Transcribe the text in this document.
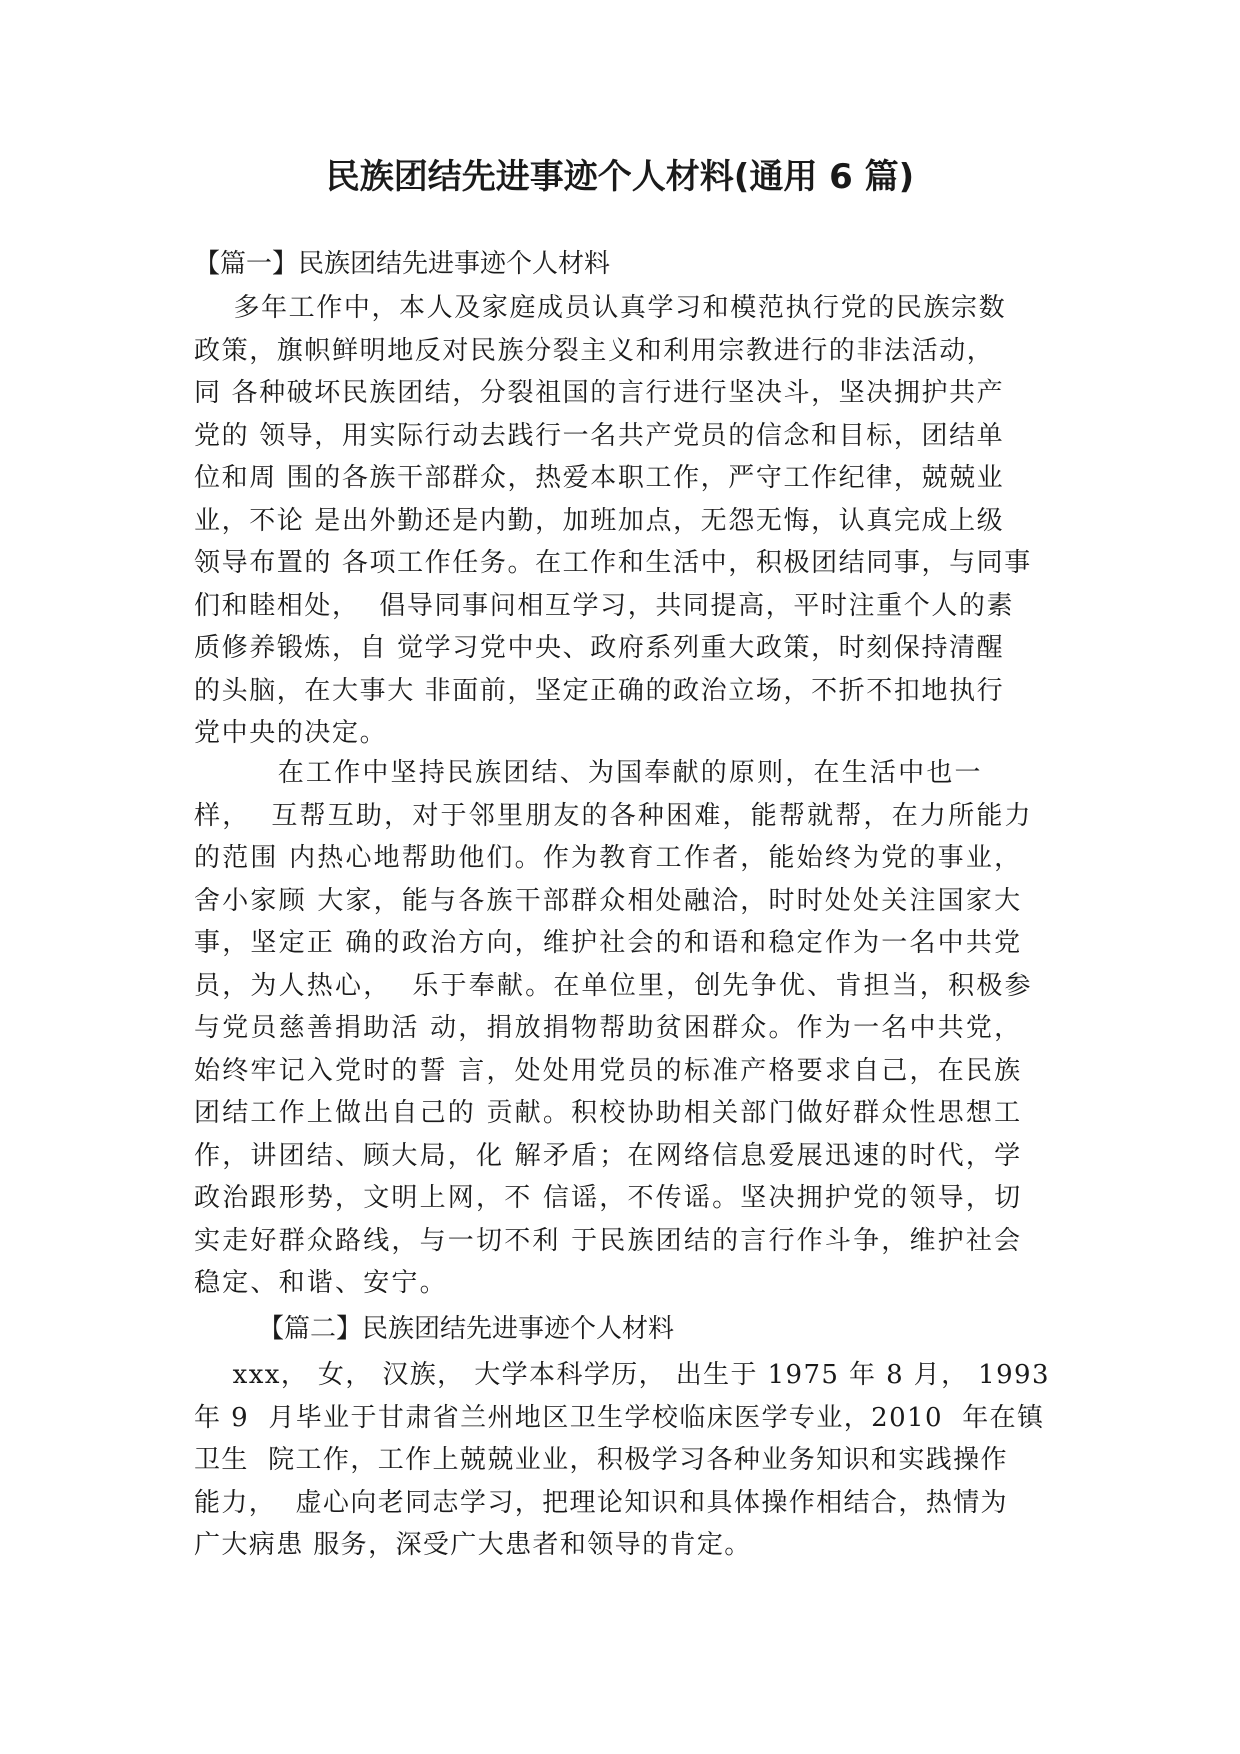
民族团结先进事迹个人材料(通用 6 篇)
【篇一】民族团结先进事迹个人材料
多年工作中，本人及家庭成员认真学习和模范执行党的民族宗数
政策，旗帜鲜明地反对民族分裂主义和利用宗教进行的非法活动，
同 各种破坏民族团结，分裂祖国的言行进行坚决斗，坚决拥护共产
党的 领导，用实际行动去践行一名共产党员的信念和目标，团结单
位和周 围的各族干部群众，热爱本职工作，严守工作纪律，兢兢业
业，不论 是出外勤还是内勤，加班加点，无怨无悔，认真完成上级
领导布置的 各项工作任务。在工作和生活中，积极团结同事，与同事
们和睦相处，  倡导同事问相互学习，共同提高，平时注重个人的素
质修养锻炼，自 觉学习党中央、政府系列重大政策，时刻保持清醒
的头脑，在大事大 非面前，坚定正确的政治立场，不折不扣地执行
党中央的决定。
在工作中坚持民族团结、为国奉献的原则，在生活中也一
样，  互帮互助，对于邻里朋友的各种困难，能帮就帮，在力所能力
的范围 内热心地帮助他们。作为教育工作者，能始终为党的事业，
舍小家顾 大家，能与各族干部群众相处融洽，时时处处关注国家大
事，坚定正 确的政治方向，维护社会的和语和稳定作为一名中共党
员，为人热心，  乐于奉献。在单位里，创先争优、肯担当，积极参
与党员慈善捐助活 动，捐放捐物帮助贫困群众。作为一名中共党，
始终牢记入党时的誓 言，处处用党员的标准产格要求自己，在民族
团结工作上做出自己的 贡献。积校协助相关部门做好群众性思想工
作，讲团结、顾大局，化 解矛盾；在网络信息爱展迅速的时代，学
政治跟形势，文明上网，不 信谣，不传谣。坚决拥护党的领导，切
实走好群众路线，与一切不利 于民族团结的言行作斗争，维护社会
稳定、和谐、安宁。
【篇二】民族团结先进事迹个人材料
xxx， 女， 汉族， 大学本科学历， 出生于 1975 年 8 月， 1993
年 9  月毕业于甘肃省兰州地区卫生学校临床医学专业，2010  年在镇
卫生  院工作，工作上兢兢业业，积极学习各种业务知识和实践操作
能力，  虚心向老同志学习，把理论知识和具体操作相结合，热情为
广大病患 服务，深受广大患者和领导的肯定。
